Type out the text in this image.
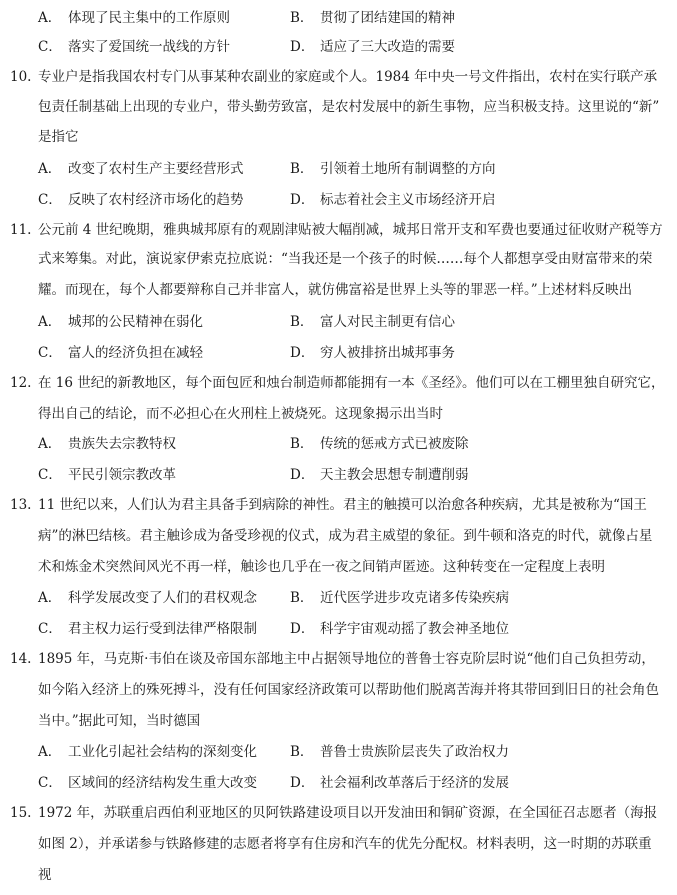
A． 体现了民主集中的工作原则
C． 落实了爱国统一战线的方针
B． 贯彻了团结建国的精神
D． 适应了三大改造的需要
10. 专业户是指我国农村专门从事某种农副业的家庭或个人。1984 年中央一号文件指出，农村在实行联产承
包责任制基础上出现的专业户，带头勤劳致富，是农村发展中的新生事物，应当积极支持。这里说的“新”
是指它
A． 改变了农村生产主要经营形式
C． 反映了农村经济市场化的趋势
B． 引领着土地所有制调整的方向
D． 标志着社会主义市场经济开启
11. 公元前 4 世纪晚期，雅典城邦原有的观剧津贴被大幅削减，城邦日常开支和军费也要通过征收财产税等方
式来筹集。对此，演说家伊索克拉底说：“当我还是一个孩子的时候……每个人都想享受由财富带来的荣
耀。而现在，每个人都要辩称自己并非富人，就仿佛富裕是世界上头等的罪恶一样。”上述材料反映出
A． 城邦的公民精神在弱化
C． 富人的经济负担在减轻
B． 富人对民主制更有信心
D． 穷人被排挤出城邦事务
12. 在 16 世纪的新教地区，每个面包匠和烛台制造师都能拥有一本《圣经》。他们可以在工棚里独自研究它，
得出自己的结论，而不必担心在火刑柱上被烧死。这现象揭示出当时
A． 贵族失去宗教特权
C． 平民引领宗教改革
B． 传统的惩戒方式已被废除
D． 天主教会思想专制遭削弱
13. 11 世纪以来，人们认为君主具备手到病除的神性。君主的触摸可以治愈各种疾病，尤其是被称为“国王
病”的淋巴结核。君主触诊成为备受珍视的仪式，成为君主威望的象征。到牛顿和洛克的时代，就像占星
术和炼金术突然间风光不再一样，触诊也几乎在一夜之间销声匿迹。这种转变在一定程度上表明
A． 科学发展改变了人们的君权观念
C． 君主权力运行受到法律严格限制
B． 近代医学进步攻克诸多传染疾病
D． 科学宇宙观动摇了教会神圣地位
14. 1895 年，马克斯·韦伯在谈及帝国东部地主中占据领导地位的普鲁士容克阶层时说“他们自己负担劳动，
如今陷入经济上的殊死搏斗，没有任何国家经济政策可以帮助他们脱离苦海并将其带回到旧日的社会角色
当中。”据此可知，当时德国
A． 工业化引起社会结构的深刻变化
C． 区域间的经济结构发生重大改变
B． 普鲁士贵族阶层丧失了政治权力
D． 社会福利改革落后于经济的发展
15. 1972 年，苏联重启西伯利亚地区的贝阿铁路建设项目以开发油田和铜矿资源，在全国征召志愿者（海报
如图 2），并承诺参与铁路修建的志愿者将享有住房和汽车的优先分配权。材料表明，这一时期的苏联重
视
